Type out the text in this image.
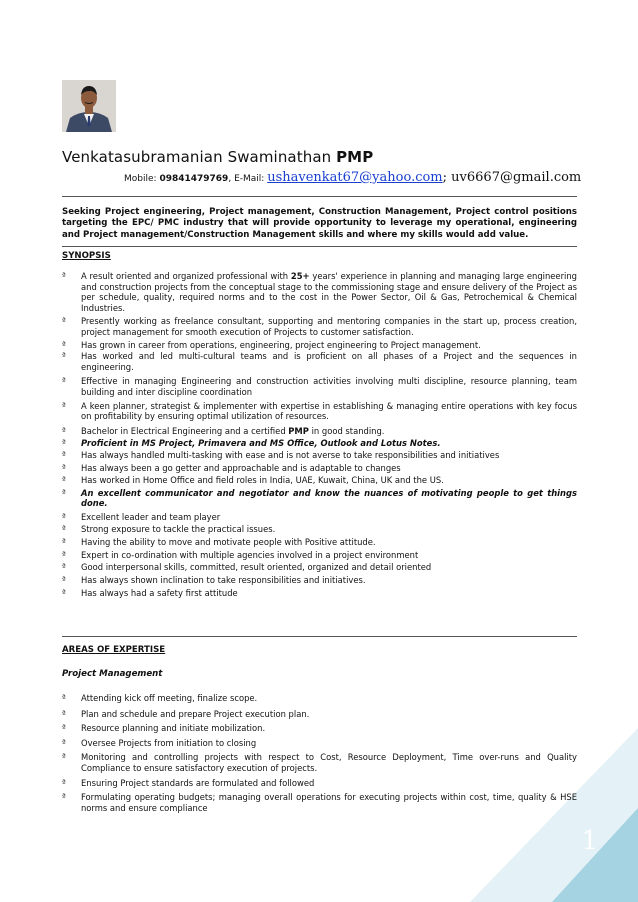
Venkatasubramanian Swaminathan PMP
Mobile: 09841479769, E-Mail: ushavenkat67@yahoo.com; uv6667@gmail.com
Seeking Project engineering, Project management, Construction Management, Project control positions targeting the EPC/ PMC industry that will provide opportunity to leverage my operational, engineering and Project management/Construction Management skills and where my skills would add value.
SYNOPSIS
ª A result oriented and organized professional with 25+ years' experience in planning and managing large engineering and construction projects from the conceptual stage to the commissioning stage and ensure delivery of the Project as per schedule, quality, required norms and to the cost in the Power Sector, Oil & Gas, Petrochemical & Chemical Industries.
ª Presently working as freelance consultant, supporting and mentoring companies in the start up, process creation, project management for smooth execution of Projects to customer satisfaction.
ª Has grown in career from operations, engineering, project engineering to Project management.
ª Has worked and led multi-cultural teams and is proficient on all phases of a Project and the sequences in engineering.
ª Effective in managing Engineering and construction activities involving multi discipline, resource planning, team building and inter discipline coordination
ª A keen planner, strategist & implementer with expertise in establishing & managing entire operations with key focus on profitability by ensuring optimal utilization of resources.
ª Bachelor in Electrical Engineering and a certified PMP in good standing.
ª Proficient in MS Project, Primavera and MS Office, Outlook and Lotus Notes.
ª Has always handled multi-tasking with ease and is not averse to take responsibilities and initiatives
ª Has always been a go getter and approachable and is adaptable to changes
ª Has worked in Home Office and field roles in India, UAE, Kuwait, China, UK and the US.
ª An excellent communicator and negotiator and know the nuances of motivating people to get things done.
ª Excellent leader and team player
ª Strong exposure to tackle the practical issues.
ª Having the ability to move and motivate people with Positive attitude.
ª Expert in co-ordination with multiple agencies involved in a project environment
ª Good interpersonal skills, committed, result oriented, organized and detail oriented
ª Has always shown inclination to take responsibilities and initiatives.
ª Has always had a safety first attitude
AREAS OF EXPERTISE
Project Management
ª Attending kick off meeting, finalize scope.
ª Plan and schedule and prepare Project execution plan.
ª Resource planning and initiate mobilization.
ª Oversee Projects from initiation to closing
ª Monitoring and controlling projects with respect to Cost, Resource Deployment, Time over-runs and Quality Compliance to ensure satisfactory execution of projects.
ª Ensuring Project standards are formulated and followed
ª Formulating operating budgets; managing overall operations for executing projects within cost, time, quality & HSE norms and ensure compliance
1
